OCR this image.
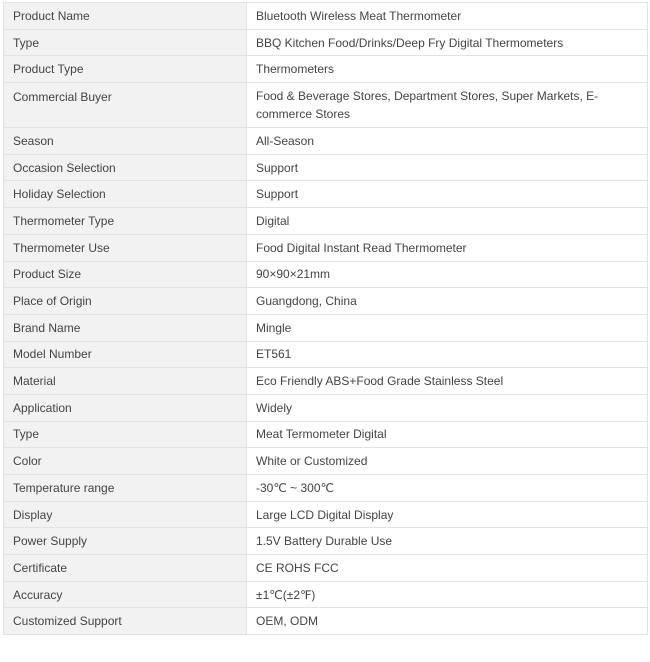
Product Name	Bluetooth Wireless Meat Thermometer
Type	BBQ Kitchen Food/Drinks/Deep Fry Digital Thermometers
Product Type	Thermometers
Commercial Buyer	Food & Beverage Stores, Department Stores, Super Markets, E-commerce Stores
Season	All-Season
Occasion Selection	Support
Holiday Selection	Support
Thermometer Type	Digital
Thermometer Use	Food Digital Instant Read Thermometer
Product Size	90×90×21mm
Place of Origin	Guangdong, China
Brand Name	Mingle
Model Number	ET561
Material	Eco Friendly ABS+Food Grade Stainless Steel
Application	Widely
Type	Meat Termometer Digital
Color	White or Customized
Temperature range	-30℃ ~ 300℃
Display	Large LCD Digital Display
Power Supply	1.5V Battery Durable Use
Certificate	CE ROHS FCC
Accuracy	±1℃(±2℉)
Customized Support	OEM, ODM
